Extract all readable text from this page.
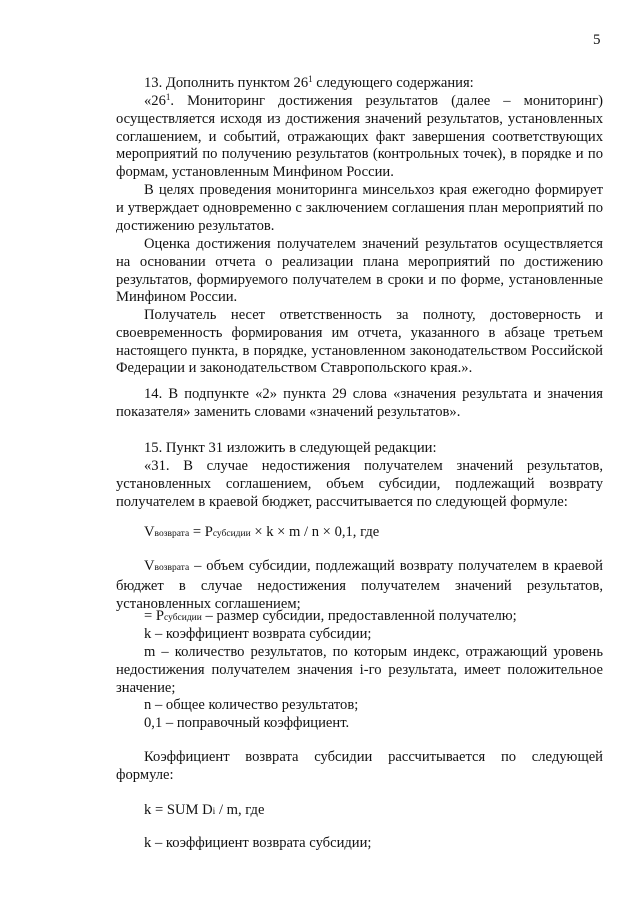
5
13. Дополнить пунктом $26^1$ следующего содержания:
«$26^1$. Мониторинг достижения результатов (далее – мониторинг) осуществляется исходя из достижения значений результатов, установленных соглашением, и событий, отражающих факт завершения соответствующих мероприятий по получению результатов (контрольных точек), в порядке и по формам, установленным Минфином России.
В целях проведения мониторинга минсельхоз края ежегодно формирует и утверждает одновременно с заключением соглашения план мероприятий по достижению результатов.
Оценка достижения получателем значений результатов осуществляется на основании отчета о реализации плана мероприятий по достижению результатов, формируемого получателем в сроки и по форме, установленные Минфином России.
Получатель несет ответственность за полноту, достоверность и своевременность формирования им отчета, указанного в абзаце третьем настоящего пункта, в порядке, установленном законодательством Российской Федерации и законодательством Ставропольского края.».
14. В подпункте «2» пункта 29 слова «значения результата и значения показателя» заменить словами «значений результатов».
15. Пункт 31 изложить в следующей редакции:
«31. В случае недостижения получателем значений результатов, установленных соглашением, объем субсидии, подлежащий возврату получателем в краевой бюджет, рассчитывается по следующей формуле:
Vвозврата = Pсубсидии × k × m / n × 0,1, где
Vвозврата – объем субсидии, подлежащий возврату получателем в краевой бюджет в случае недостижения получателем значений результатов, установленных соглашением;
= Pсубсидии – размер субсидии, предоставленной получателю;
k – коэффициент возврата субсидии;
m – количество результатов, по которым индекс, отражающий уровень недостижения получателем значения i-го результата, имеет положительное значение;
n – общее количество результатов;
0,1 – поправочный коэффициент.
Коэффициент возврата субсидии рассчитывается по следующей формуле:
k = SUM Di / m, где
k – коэффициент возврата субсидии;
